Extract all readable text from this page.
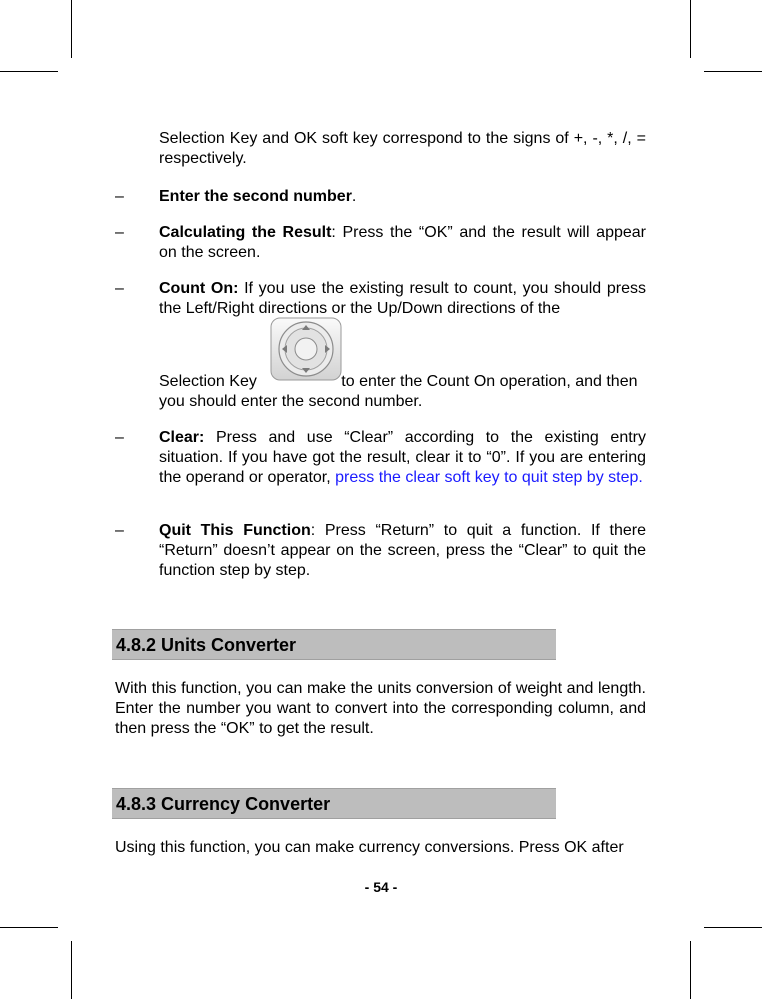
Selection Key and OK soft key correspond to the signs of +, -, *, /, = respectively.

–	Enter the second number.

–	Calculating the Result: Press the “OK” and the result will appear on the screen.

–	Count On: If you use the existing result to count, you should press the Left/Right directions or the Up/Down directions of the

Selection Key	to enter the Count On operation, and then you should enter the second number.

–	Clear: Press and use “Clear” according to the existing entry situation. If you have got the result, clear it to “0”. If you are entering the operand or operator, press the clear soft key to quit step by step.

–	Quit This Function: Press “Return” to quit a function. If there “Return” doesn’t appear on the screen, press the “Clear” to quit the function step by step.

4.8.2 Units Converter

With this function, you can make the units conversion of weight and length. Enter the number you want to convert into the corresponding column, and then press the “OK” to get the result.

4.8.3 Currency Converter

Using this function, you can make currency conversions. Press OK after

- 54 -
